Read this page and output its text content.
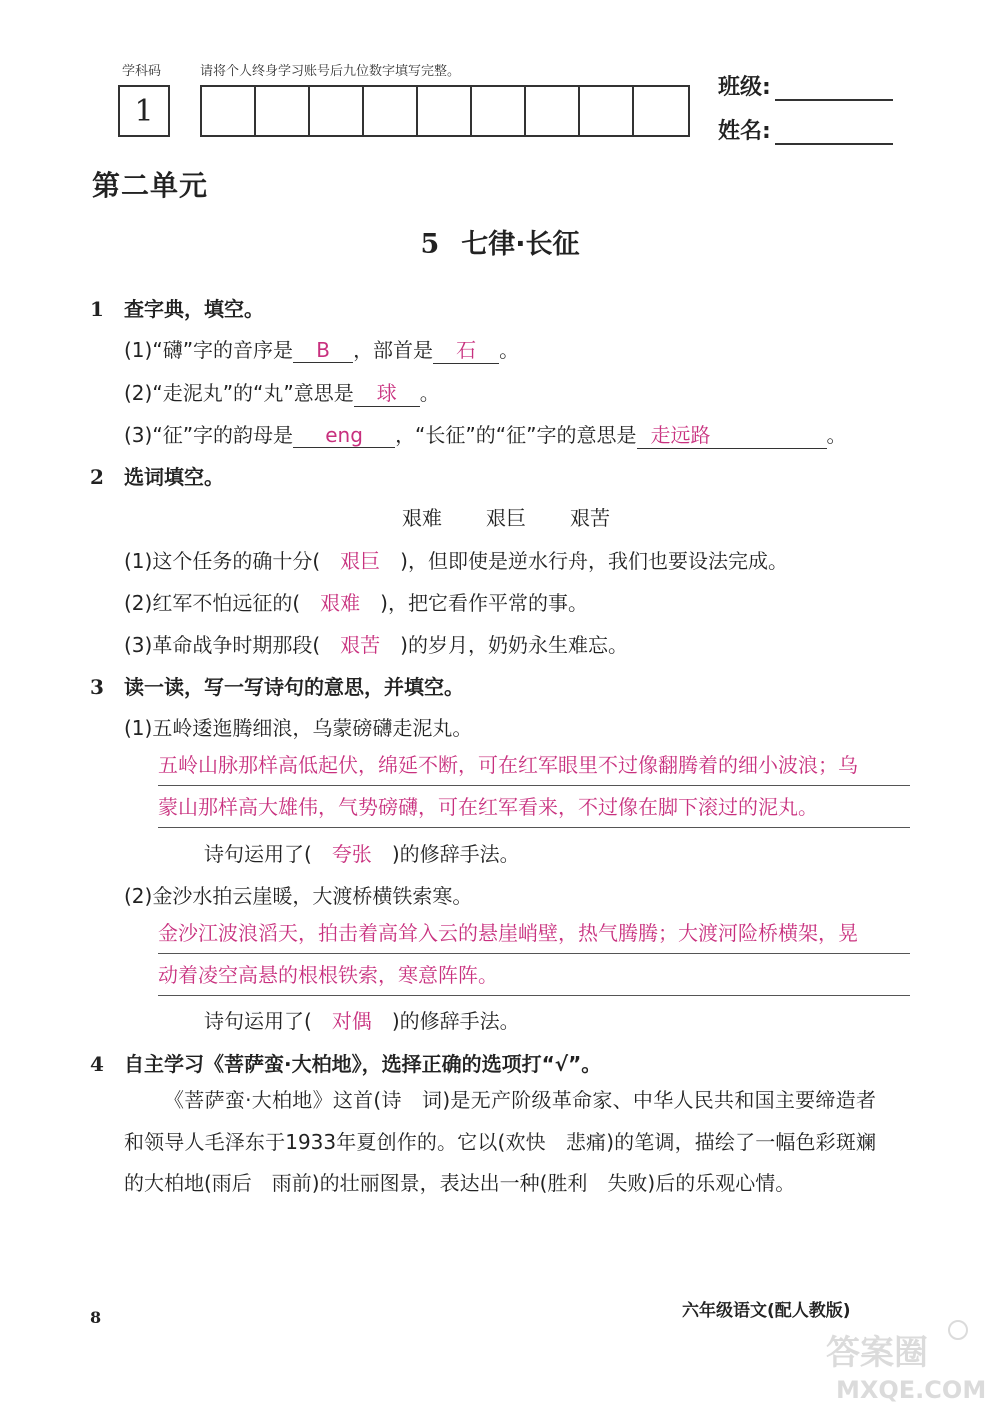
学科码	请将个人终身学习账号后九位数字填写完整。
1
班级:
姓名:
第二单元
5 七律·长征
1 查字典，填空。
(1)“礴”字的音序是 B ，部首是 石 。
(2)“走泥丸”的“丸”意思是 球 。
(3)“征”字的韵母是 eng ，“长征”的“征”字的意思是 走远路	。
2 选词填空。
艰难 艰巨 艰苦
(1)这个任务的确十分( 艰巨 )，但即使是逆水行舟，我们也要设法完成。
(2)红军不怕远征的( 艰难 )，把它看作平常的事。
(3)革命战争时期那段( 艰苦 )的岁月，奶奶永生难忘。
3 读一读，写一写诗句的意思，并填空。
(1)五岭逶迤腾细浪，乌蒙磅礴走泥丸。
五岭山脉那样高低起伏，绵延不断，可在红军眼里不过像翻腾着的细小波浪；乌
蒙山那样高大雄伟，气势磅礴，可在红军看来，不过像在脚下滚过的泥丸。
诗句运用了( 夸张 )的修辞手法。
(2)金沙水拍云崖暖，大渡桥横铁索寒。
金沙江波浪滔天，拍击着高耸入云的悬崖峭壁，热气腾腾；大渡河险桥横架，晃
动着凌空高悬的根根铁索，寒意阵阵。
诗句运用了( 对偶 )的修辞手法。
4 自主学习《菩萨蛮·大柏地》，选择正确的选项打“√”。
《菩萨蛮·大柏地》这首(诗　词)是无产阶级革命家、中华人民共和国主要缔造者和领导人毛泽东于1933年夏创作的。它以(欢快　悲痛)的笔调，描绘了一幅色彩斑斓的大柏地(雨后　雨前)的壮丽图景，表达出一种(胜利　失败)后的乐观心情。
8	六年级语文(配人教版)
答案圈
MXQE.COM
